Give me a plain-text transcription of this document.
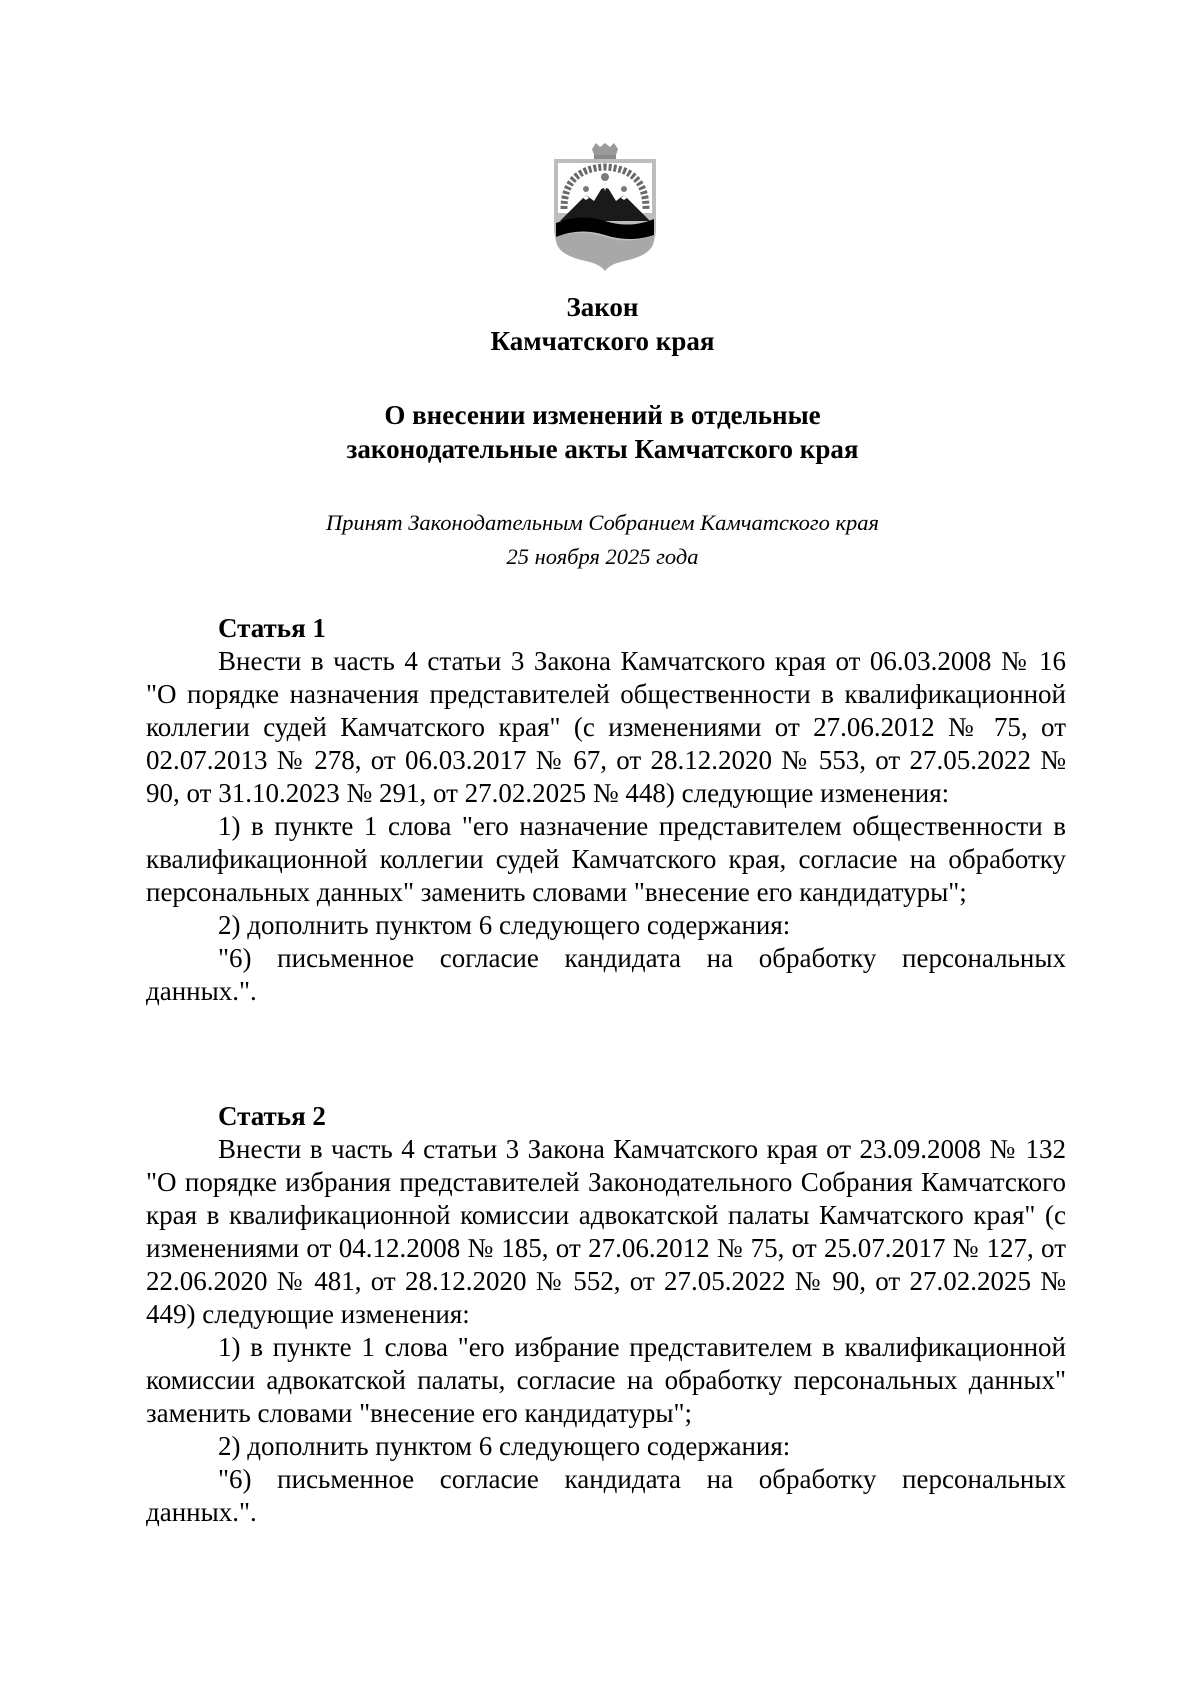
Закон
Камчатского края
О внесении изменений в отдельные
законодательные акты Камчатского края
Принят Законодательным Собранием Камчатского края
25 ноября 2025 года

Статья 1

Внести в часть 4 статьи 3 Закона Камчатского края от 06.03.2008 № 16 "О порядке назначения представителей общественности в квалификационной коллегии судей Камчатского края" (с изменениями от 27.06.2012 № 75, от 02.07.2013 № 278, от 06.03.2017 № 67, от 28.12.2020 № 553, от 27.05.2022 № 90, от 31.10.2023 № 291, от 27.02.2025 № 448) следующие изменения:

1) в пункте 1 слова "его назначение представителем общественности в квалификационной коллегии судей Камчатского края, согласие на обработку персональных данных" заменить словами "внесение его кандидатуры";

2) дополнить пунктом 6 следующего содержания:

"6) письменное согласие кандидата на обработку персональных данных.".

Статья 2

Внести в часть 4 статьи 3 Закона Камчатского края от 23.09.2008 № 132 "О порядке избрания представителей Законодательного Собрания Камчатского края в квалификационной комиссии адвокатской палаты Камчатского края" (с изменениями от 04.12.2008 № 185, от 27.06.2012 № 75, от 25.07.2017 № 127, от 22.06.2020 № 481, от 28.12.2020 № 552, от 27.05.2022 № 90, от 27.02.2025 № 449) следующие изменения:

1) в пункте 1 слова "его избрание представителем в квалификационной комиссии адвокатской палаты, согласие на обработку персональных данных" заменить словами "внесение его кандидатуры";

2) дополнить пунктом 6 следующего содержания:

"6) письменное согласие кандидата на обработку персональных данных.".
